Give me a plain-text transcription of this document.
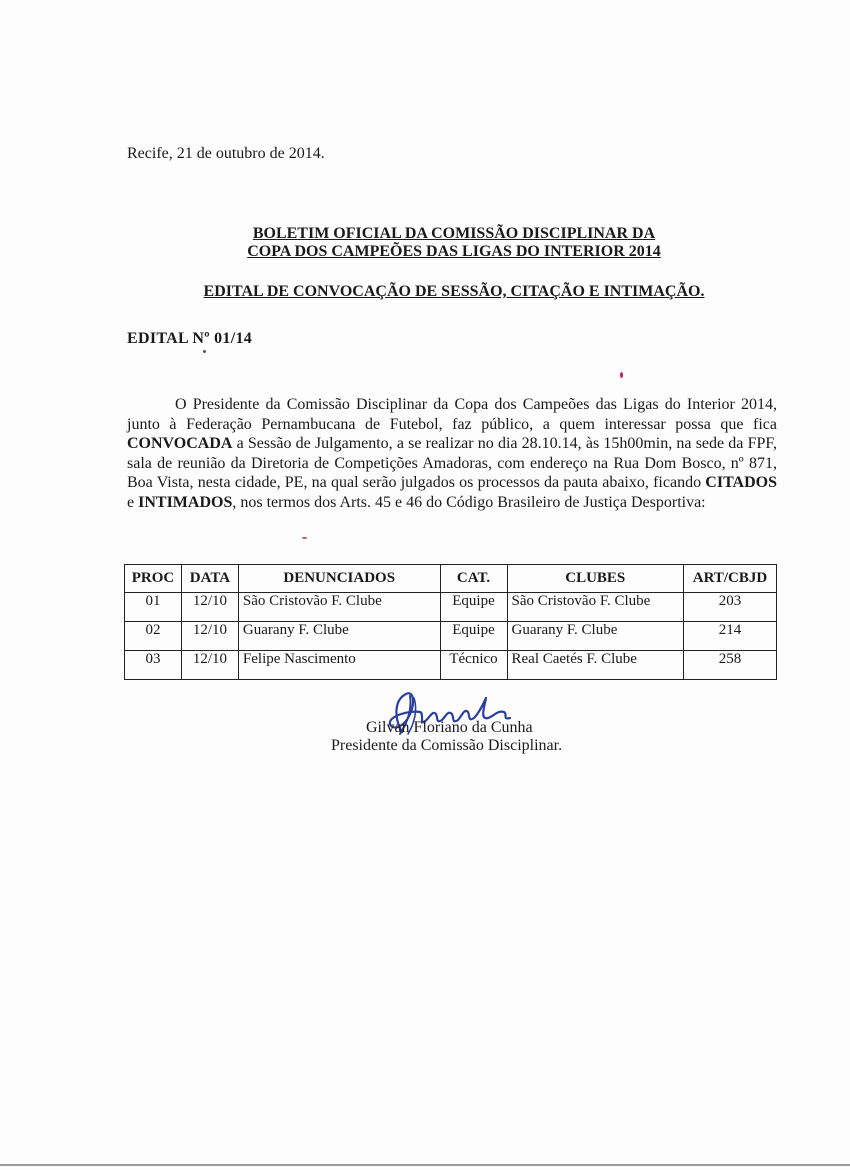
Recife, 21 de outubro de 2014.
BOLETIM OFICIAL DA COMISSÃO DISCIPLINAR DA
COPA DOS CAMPEÕES DAS LIGAS DO INTERIOR 2014
EDITAL DE CONVOCAÇÃO DE SESSÃO, CITAÇÃO E INTIMAÇÃO.
EDITAL Nº 01/14
O Presidente da Comissão Disciplinar da Copa dos Campeões das Ligas do Interior 2014, junto à Federação Pernambucana de Futebol, faz público, a quem interessar possa que fica CONVOCADA a Sessão de Julgamento, a se realizar no dia 28.10.14, às 15h00min, na sede da FPF, sala de reunião da Diretoria de Competições Amadoras, com endereço na Rua Dom Bosco, nº 871, Boa Vista, nesta cidade, PE, na qual serão julgados os processos da pauta abaixo, ficando CITADOS e INTIMADOS, nos termos dos Arts. 45 e 46 do Código Brasileiro de Justiça Desportiva:
PROC	DATA	DENUNCIADOS	CAT.	CLUBES	ART/CBJD
01	12/10	São Cristovão F. Clube	Equipe	São Cristovão F. Clube	203
02	12/10	Guarany F. Clube	Equipe	Guarany F. Clube	214
03	12/10	Felipe Nascimento	Técnico	Real Caetés F. Clube	258
Gilvan Floriano da Cunha
Presidente da Comissão Disciplinar.
